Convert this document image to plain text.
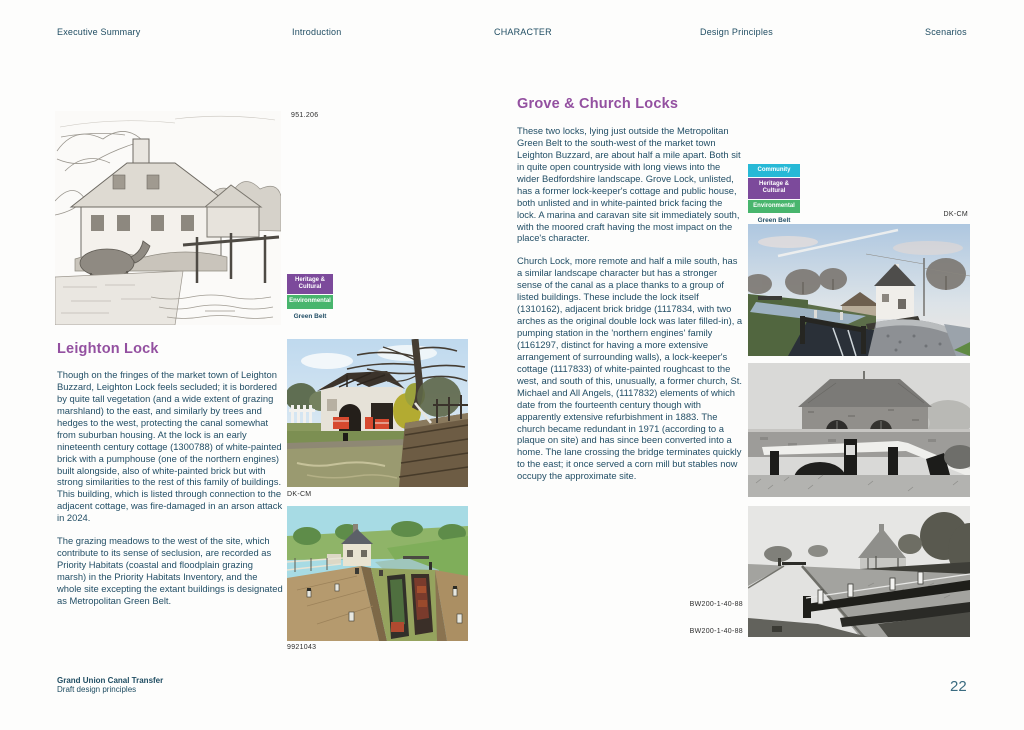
Executive Summary	Introduction	CHARACTER	Design Principles	Scenarios
951.206
Heritage & Cultural
Environmental
Green Belt
Leighton Lock

Though on the fringes of the market town of Leighton Buzzard, Leighton Lock feels secluded; it is bordered by quite tall vegetation (and a wide extent of grazing marshland) to the east, and similarly by trees and hedges to the west, protecting the canal somewhat from suburban housing. At the lock is an early nineteenth century cottage (1300788) of white-painted brick with a pumphouse (one of the northern engines) built alongside, also of white-painted brick but with strong similarities to the rest of this family of buildings. This building, which is listed through connection to the adjacent cottage, was fire-damaged in an arson attack in 2024.

The grazing meadows to the west of the site, which contribute to its sense of seclusion, are recorded as Priority Habitats (coastal and floodplain grazing marsh) in the Priority Habitats Inventory, and the whole site excepting the extant buildings is designated as Metropolitan Green Belt.

DK-CM
9921043
Grove & Church Locks

These two locks, lying just outside the Metropolitan Green Belt to the south-west of the market town Leighton Buzzard, are about half a mile apart. Both sit in quite open countryside with long views into the wider Bedfordshire landscape. Grove Lock, unlisted, has a former lock-keeper's cottage and public house, both unlisted and in white-painted brick facing the lock. A marina and caravan site sit immediately south, with the moored craft having the most impact on the place's character.

Church Lock, more remote and half a mile south, has a similar landscape character but has a stronger sense of the canal as a place thanks to a group of listed buildings. These include the lock itself (1310162), adjacent brick bridge (1117834, with two arches as the original double lock was later filled-in), a pumping station in the 'northern engines' family (1161297, distinct for having a more extensive arrangement of surrounding walls), a lock-keeper's cottage (1117833) of white-painted roughcast to the west, and south of this, unusually, a former church, St. Michael and All Angels, (1117832) elements of which date from the fourteenth century though with apparently extensive refurbishment in 1883. The church became redundant in 1971 (according to a plaque on site) and has since been converted into a home. The lane crossing the bridge terminates quickly to the east; it once served a corn mill but stables now occupy the approximate site.

Community
Heritage & Cultural
Environmental
Green Belt
DK-CM
BW200-1-40-88
BW200-1-40-88
Grand Union Canal Transfer
Draft design principles	22
